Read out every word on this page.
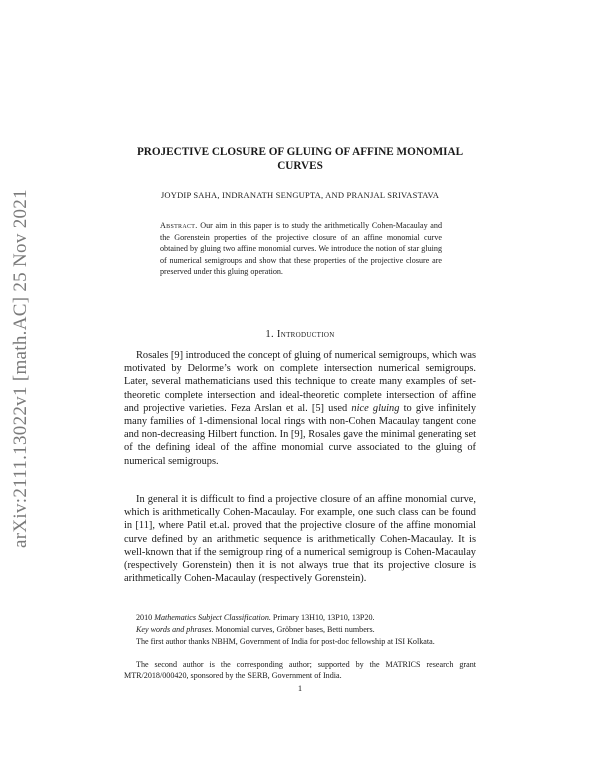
arXiv:2111.13022v1 [math.AC] 25 Nov 2021
PROJECTIVE CLOSURE OF GLUING OF AFFINE MONOMIAL CURVES
JOYDIP SAHA, INDRANATH SENGUPTA, AND PRANJAL SRIVASTAVA
Abstract. Our aim in this paper is to study the arithmetically Cohen-Macaulay and the Gorenstein properties of the projective closure of an affine monomial curve obtained by gluing two affine monomial curves. We introduce the notion of star gluing of numerical semigroups and show that these properties of the projective closure are preserved under this gluing operation.
1. Introduction

Rosales [9] introduced the concept of gluing of numerical semigroups, which was motivated by Delorme’s work on complete intersection numerical semigroups. Later, several mathematicians used this technique to create many examples of set-theoretic complete intersection and ideal-theoretic complete intersection of affine and projective varieties. Feza Arslan et al. [5] used nice gluing to give infinitely many families of 1-dimensional local rings with non-Cohen Macaulay tangent cone and non-decreasing Hilbert function. In [9], Rosales gave the minimal generating set of the defining ideal of the affine monomial curve associated to the gluing of numerical semigroups.

In general it is difficult to find a projective closure of an affine monomial curve, which is arithmetically Cohen-Macaulay. For example, one such class can be found in [11], where Patil et.al. proved that the projective closure of the affine monomial curve defined by an arithmetic sequence is arithmetically Cohen-Macaulay. It is well-known that if the semigroup ring of a numerical semigroup is Cohen-Macaulay (respectively Gorenstein) then it is not always true that its projective closure is arithmetically Cohen-Macaulay (respectively Gorenstein).

2010 Mathematics Subject Classification. Primary 13H10, 13P10, 13P20.

Key words and phrases. Monomial curves, Gröbner bases, Betti numbers.

The first author thanks NBHM, Government of India for post-doc fellowship at ISI Kolkata.

The second author is the corresponding author; supported by the MATRICS research grant MTR/2018/000420, sponsored by the SERB, Government of India.

1
